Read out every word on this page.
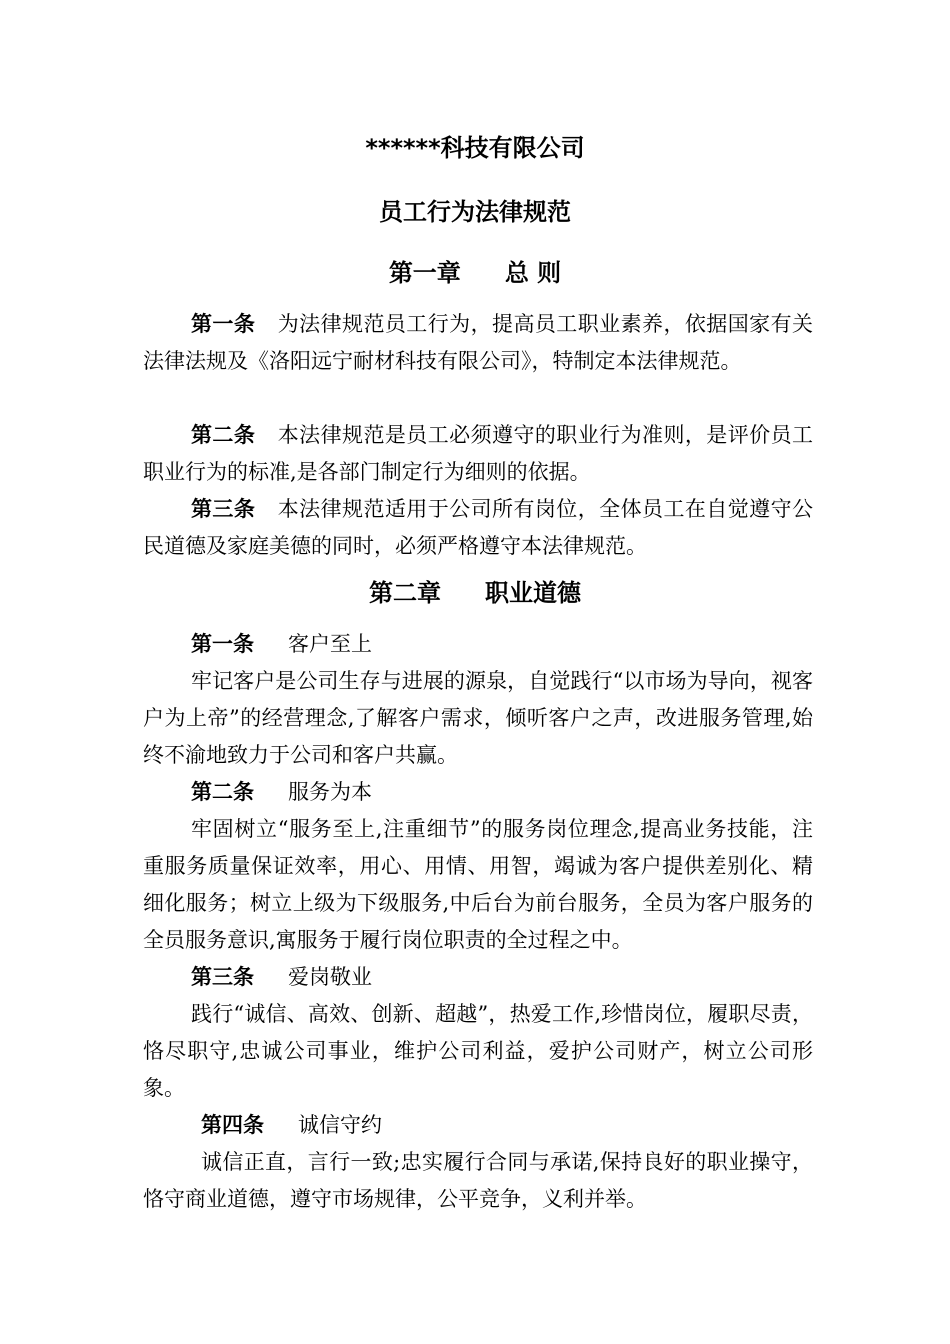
******科技有限公司
员工行为法律规范
第一章 总 则
第一条 为法律规范员工行为，提高员工职业素养，依据国家有关法律法规及《洛阳远宁耐材科技有限公司》，特制定本法律规范。
第二条 本法律规范是员工必须遵守的职业行为准则，是评价员工职业行为的标准,是各部门制定行为细则的依据。
第三条 本法律规范适用于公司所有岗位，全体员工在自觉遵守公民道德及家庭美德的同时，必须严格遵守本法律规范。
第二章 职业道德
第一条 客户至上
牢记客户是公司生存与进展的源泉，自觉践行“以市场为导向，视客户为上帝”的经营理念,了解客户需求，倾听客户之声，改进服务管理,始终不渝地致力于公司和客户共赢。
第二条 服务为本
牢固树立“服务至上,注重细节”的服务岗位理念,提高业务技能，注重服务质量保证效率，用心、用情、用智，竭诚为客户提供差别化、精细化服务；树立上级为下级服务,中后台为前台服务，全员为客户服务的全员服务意识,寓服务于履行岗位职责的全过程之中。
第三条 爱岗敬业
践行“诚信、高效、创新、超越”，热爱工作,珍惜岗位，履职尽责，恪尽职守,忠诚公司事业，维护公司利益，爱护公司财产，树立公司形象。
第四条 诚信守约
诚信正直，言行一致;忠实履行合同与承诺,保持良好的职业操守，恪守商业道德，遵守市场规律，公平竞争，义利并举。
